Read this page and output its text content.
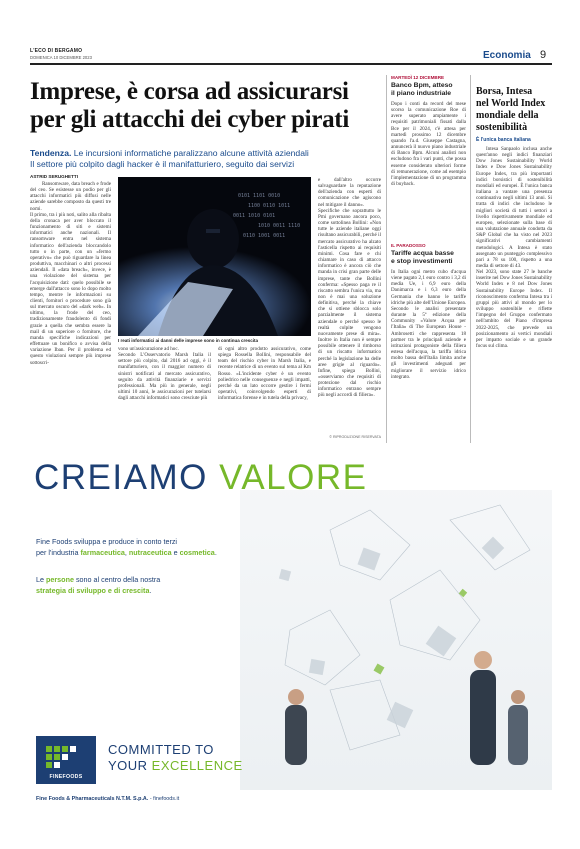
L'ECO DI BERGAMO
DOMENICA 10 DICEMBRE 2023	Economia 9
Imprese, è corsa ad assicurarsi
per gli attacchi dei cyber pirati
Tendenza. Le incursioni informatiche paralizzano alcune attività aziendali
Il settore più colpito dagli hacker è il manifatturiero, seguito dai servizi
ASTRID SERUGHETTI

Ransomware, data breach e frode del ceo. Se esistesse un podio per gli attacchi informatici più diffusi nelle aziende sarebbe composto da questi tre nomi.
Il primo, tra i più noti, salito alla ribalta della cronaca per aver bloccato il funzionamento di siti e sistemi informatici anche nazionali. Il ransomware entra nel sistema informatico dell'azienda bloccandolo tutto o in parte, con un «fermo operativo» che può riguardare la linea produttiva, macchinari o altri processi aziendali. Il «data breach», invece, è una violazione del sistema per l'acquisizione dati: quelo possibile se emerge dall'attacco sono lo dopo molto tempo, mentre le informazioni su clienti, fornitori o procedure sono già sul mercato oscuro del «dark web». In ultimo, la frode del ceo, tradizionamente fraudolento di fondi grazie a quella che sembra essere la mail di un superiore o fornitore, che manda specifiche indicazioni per effettuare un bonifico o avvisa della variazione Iban. Per il problema ed questo violazioni sempre più imprese sottoscri-

0101 1101 0010
1100 0110 1011
0011 1010 0101
1010 0011 1110
0110 1001 0011
I reati informatici ai danni delle imprese sono in continua crescita

vono un'assicurazione ad hoc.
Secondo L'Osservatorio Marsh Italia il settore più colpito, dal 2016 ad oggi, è il manifatturiero, con il maggior numero di sinistri notificati al mercato assicurativo, seguito da attività finanziarie e servizi professionali. Ma più in generale, negli ultimi 10 anni, le assicurazioni per tutelarsi dagli attacchi informatici sono cresciute più

di ogni altro prodotto assicurativo, come spiega Rossella Bollini, responsabile del team del rischio cyber in Marsh Italia, e recente relatrice di un evento sul tema al Km Rosso. «L'incidente cyber è un evento poliedrico nelle conseguenze e negli impatti, perché da un lato occorre gestire i fermi operativi, coinvolgendo esperti di informatica forense e in tutela della privacy,

e dall'altro occorre salvaguardare la reputazione dell'azienda con esperti di comunicazione che agiscono nel mitigare il danno».
Specifiche che soprattutto le Pmi governano ancora poco, come sottolinea Bollini: «Non tutte le aziende italiane oggi risultano assicurabili, perché il mercato assicurativo ha alzato l'asticella rispetto ai requisiti minimi. Cosa fare e chi chiamare in caso di attacco informatico è ancora ciò che manda in crisi gran parte delle imprese, tante che Bollini conferma: «Spesso paga re il riscatto sembra l'unica via, ma non è mai una soluzione definitiva, perché la chiave che si ottiene sblocca solo parzialmente il sistema aziendale o perché spesso le realtà colpite vengono nuovamente prese di mira». Inoltre in Italia non è sempre possibile ottenere il rimborso di un riscatto informatico perché la legislazione ha delle aree grigie al riguardo». Infine, spiega Bollini, «osserviamo che requisiti di protezione dal rischio informatico entrano sempre più negli accordi di filiera».

© RIPRODUZIONE RISERVATA
MARTEDÌ 12 DICEMBRE
Banco Bpm, atteso
il piano industriale

Dopo i conti da record del mese scorso la comunicazione Roe di avere superato ampiamente i requisiti patrimoniali fissati dalla Bce per il 2024, c'è attesa per martedì prossimo 12 dicembre quando l'a.d. Giuseppe Castagna, annuncerà il nuovo piano industriale di Banco Bpm. Alcuni analisti non escludono fra i vari punti, che possa esserne considerato ulteriori forme di remunerazione, come ad esempio l'implementazione di un programma di buyback.

IL PARADOSSO
Tariffe acqua basse
e stop investimenti

In Italia ogni metro cubo d'acqua viene pagato 2,1 euro contro i 3,2 di media Ue, i 6,9 euro della Danimarca e i 6,3 euro della Germania che hanno le tariffe idriche più alte dell'Unione Europea. Secondo le analisi presentate durante la 5ª edizione della Community «Valore Acqua per l'Italia» di The European House - Ambrosetti che rappresenta 18 partner tra le principali aziende e istituzioni protagoniste della filiera estesa dell'acqua, la tariffa idrica molto bassa dell'Italia limita anche gli investimenti adeguati per migliorare il servizio idrico integrato.

Borsa, Intesa
nel World Index
mondiale della
sostenibilità
È l'unica banca italiana

Intesa Sanpaolo inclusa anche quest'anno negli indici finanziari Dow Jones Sustainability World Index e Dow Jones Sustainability Europe Index, tra più importanti indici borsistici di sostenibilità mondiali ed europei. È l'unica banca italiana a vantare una presenza continuativa negli ultimi 13 anni. Si tratta di indici che includono le migliori società di tutti i settori a livello rispettivamente mondiale ed europeo, selezionate sulla base di una valutazione annuale condotta da S&P Global che ha visto nel 2023 significativi cambiamenti metodologici. A Intesa è stato assegnato un punteggio complessivo pari a 78 su 100, rispetto a una media di settore di 43.
Nel 2023, sono state 27 le banche inserite nel Dow Jones Sustainability World Index e 8 nel Dow Jones Sustainability Europe Index. Il riconoscimento conferma Intesa tra i gruppi più attivi al mondo per lo sviluppo sostenibile e riflette l'impegno del Gruppo confermato nell'ambito del Piano d'impresa 2022-2025, che prevede un posizionamento ai vertici mondiali per impatto sociale e un grande focus sul clima.

CREIAMO VALORE
Fine Foods sviluppa e produce in conto terzi
per l'industria farmaceutica, nutraceutica e cosmetica.
Le persone sono al centro della nostra
strategia di sviluppo e di crescita.
FINEFOODS
COMMITTED TO
YOUR EXCELLENCE
Fine Foods & Pharmaceuticals N.T.M. S.p.A. - finefoods.it
